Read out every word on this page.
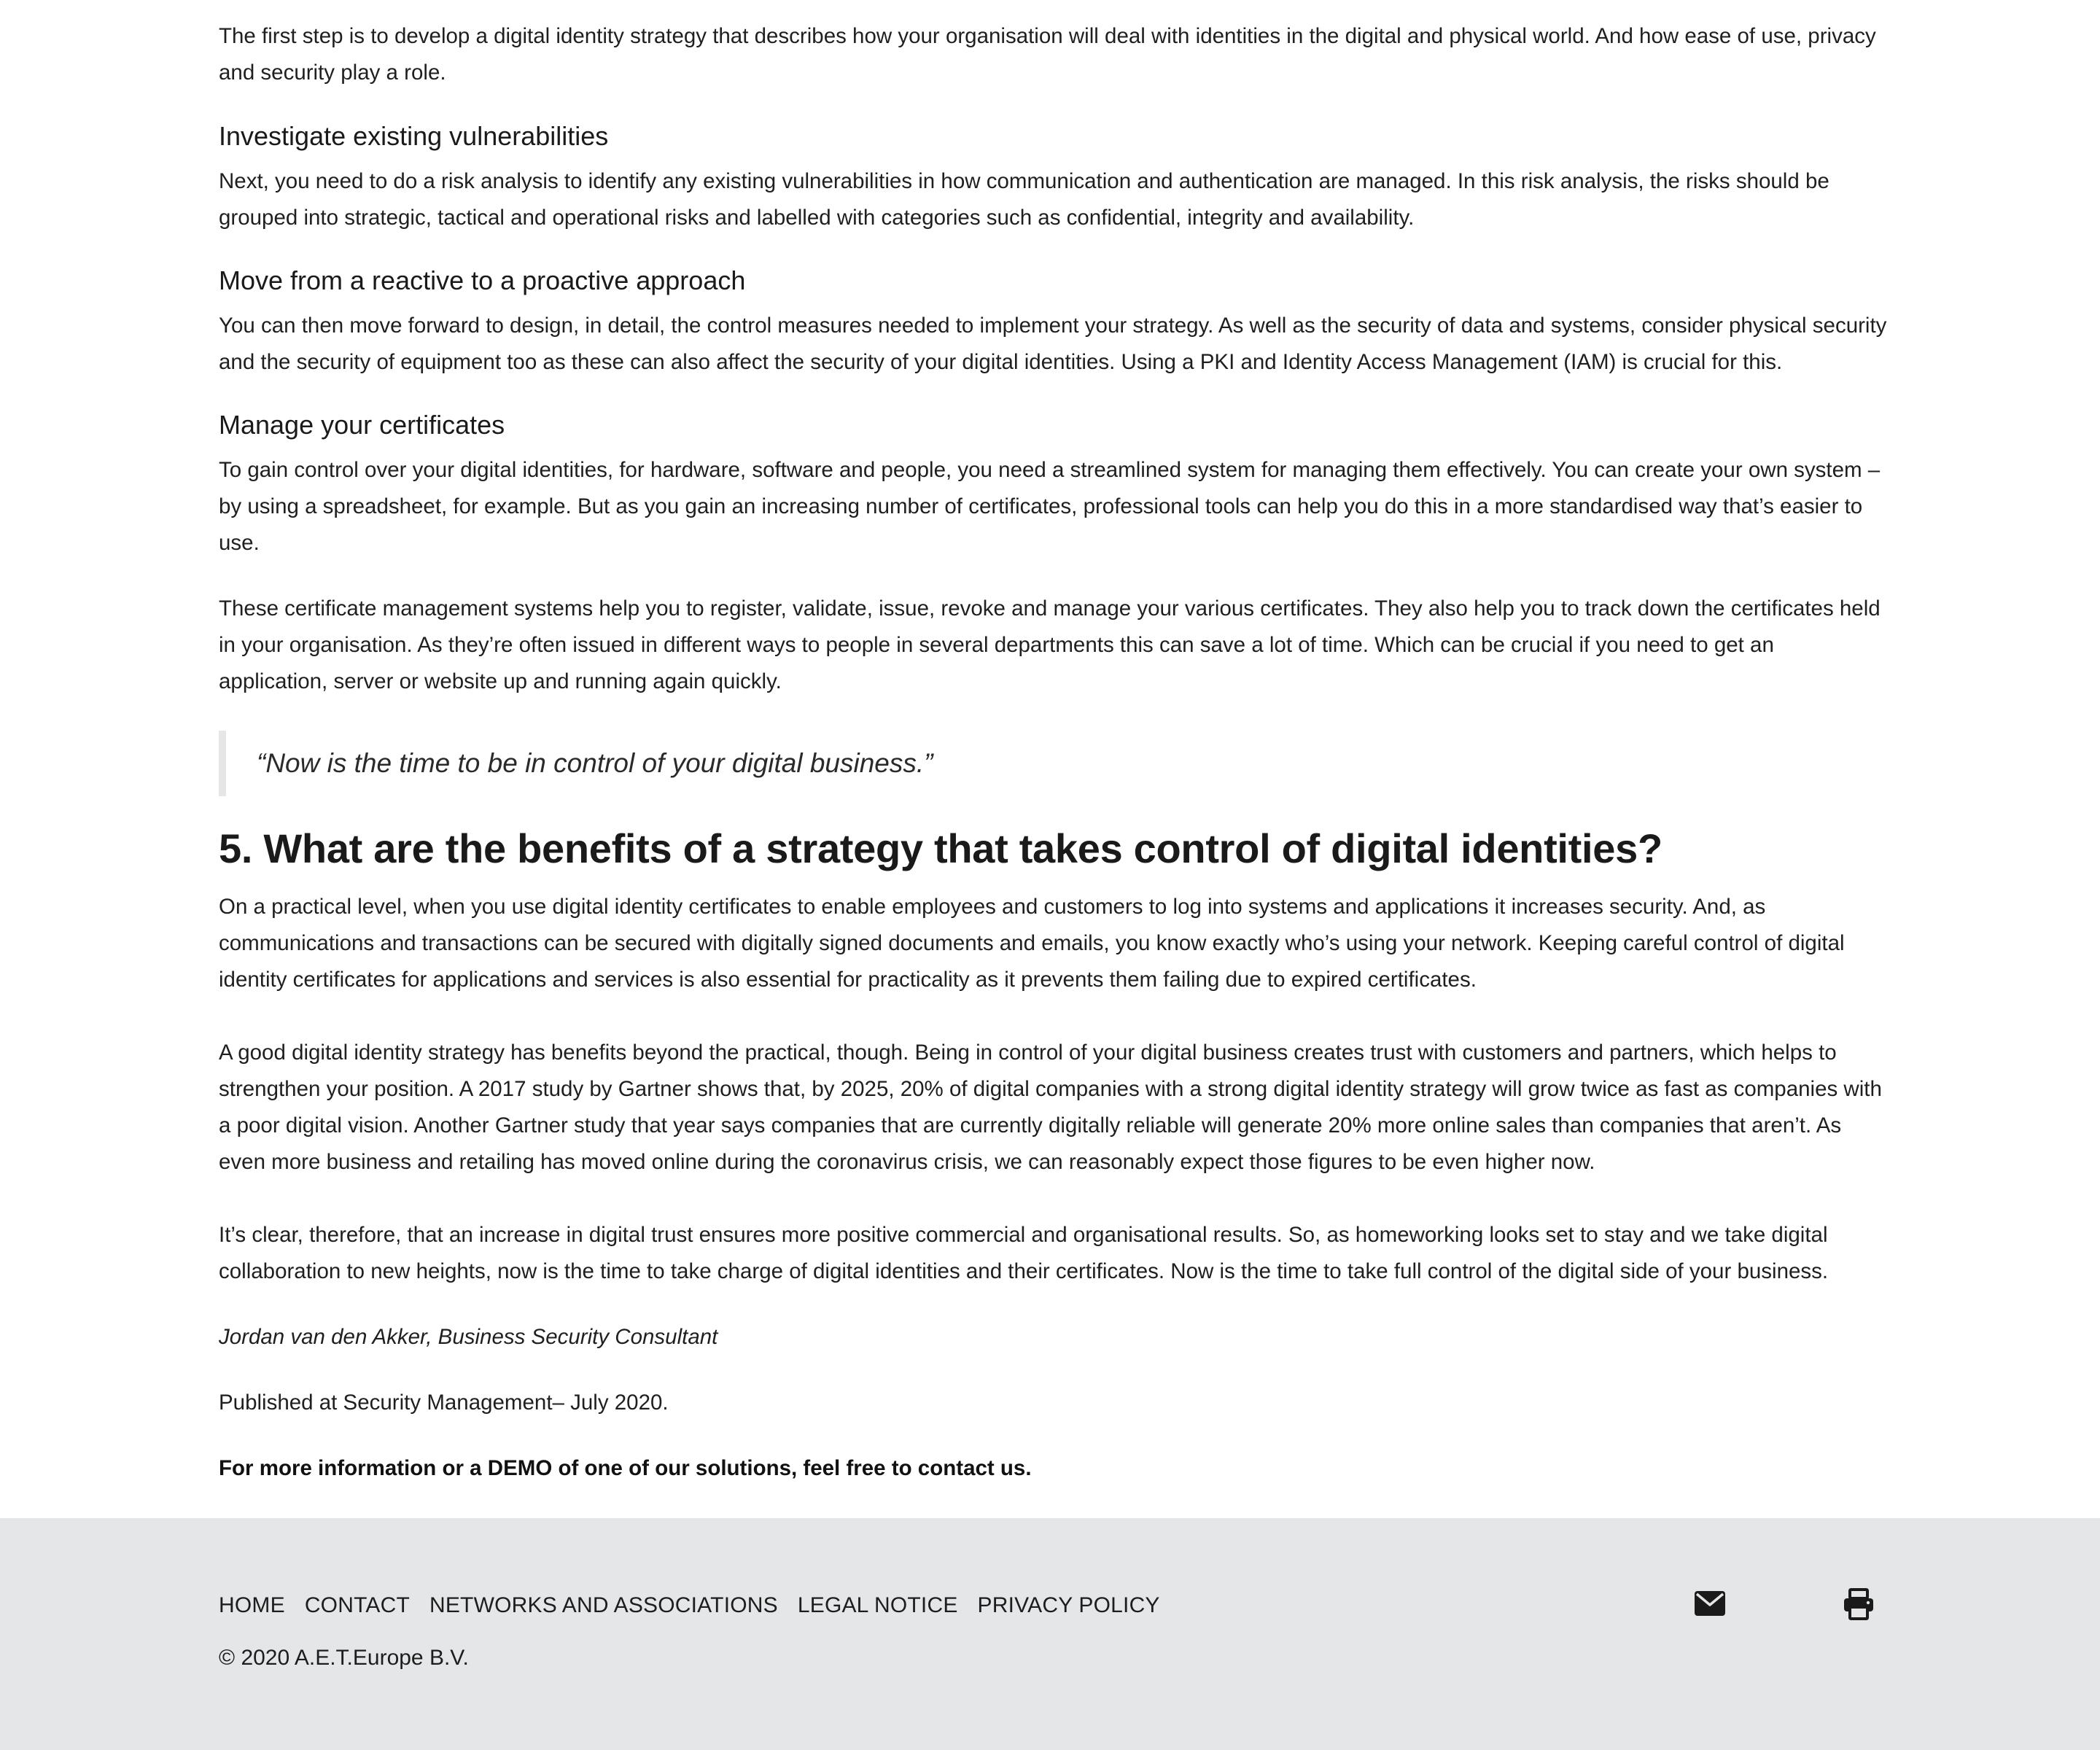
The first step is to develop a digital identity strategy that describes how your organisation will deal with identities in the digital and physical world. And how ease of use, privacy and security play a role.

Investigate existing vulnerabilities

Next, you need to do a risk analysis to identify any existing vulnerabilities in how communication and authentication are managed. In this risk analysis, the risks should be grouped into strategic, tactical and operational risks and labelled with categories such as confidential, integrity and availability.

Move from a reactive to a proactive approach

You can then move forward to design, in detail, the control measures needed to implement your strategy. As well as the security of data and systems, consider physical security and the security of equipment too as these can also affect the security of your digital identities. Using a PKI and Identity Access Management (IAM) is crucial for this.

Manage your certificates

To gain control over your digital identities, for hardware, software and people, you need a streamlined system for managing them effectively. You can create your own system – by using a spreadsheet, for example. But as you gain an increasing number of certificates, professional tools can help you do this in a more standardised way that’s easier to use.

These certificate management systems help you to register, validate, issue, revoke and manage your various certificates. They also help you to track down the certificates held in your organisation. As they’re often issued in different ways to people in several departments this can save a lot of time. Which can be crucial if you need to get an application, server or website up and running again quickly.

“Now is the time to be in control of your digital business.”
5. What are the benefits of a strategy that takes control of digital identities?

On a practical level, when you use digital identity certificates to enable employees and customers to log into systems and applications it increases security. And, as communications and transactions can be secured with digitally signed documents and emails, you know exactly who’s using your network. Keeping careful control of digital identity certificates for applications and services is also essential for practicality as it prevents them failing due to expired certificates.

A good digital identity strategy has benefits beyond the practical, though. Being in control of your digital business creates trust with customers and partners, which helps to strengthen your position. A 2017 study by Gartner shows that, by 2025, 20% of digital companies with a strong digital identity strategy will grow twice as fast as companies with a poor digital vision. Another Gartner study that year says companies that are currently digitally reliable will generate 20% more online sales than companies that aren’t. As even more business and retailing has moved online during the coronavirus crisis, we can reasonably expect those figures to be even higher now.

It’s clear, therefore, that an increase in digital trust ensures more positive commercial and organisational results. So, as homeworking looks set to stay and we take digital collaboration to new heights, now is the time to take charge of digital identities and their certificates. Now is the time to take full control of the digital side of your business.

Jordan van den Akker, Business Security Consultant

Published at Security Management– July 2020.

For more information or a DEMO of one of our solutions, feel free to contact us.

HOME CONTACT NETWORKS AND ASSOCIATIONS LEGAL NOTICE PRIVACY POLICY
© 2020 A.E.T.Europe B.V.
